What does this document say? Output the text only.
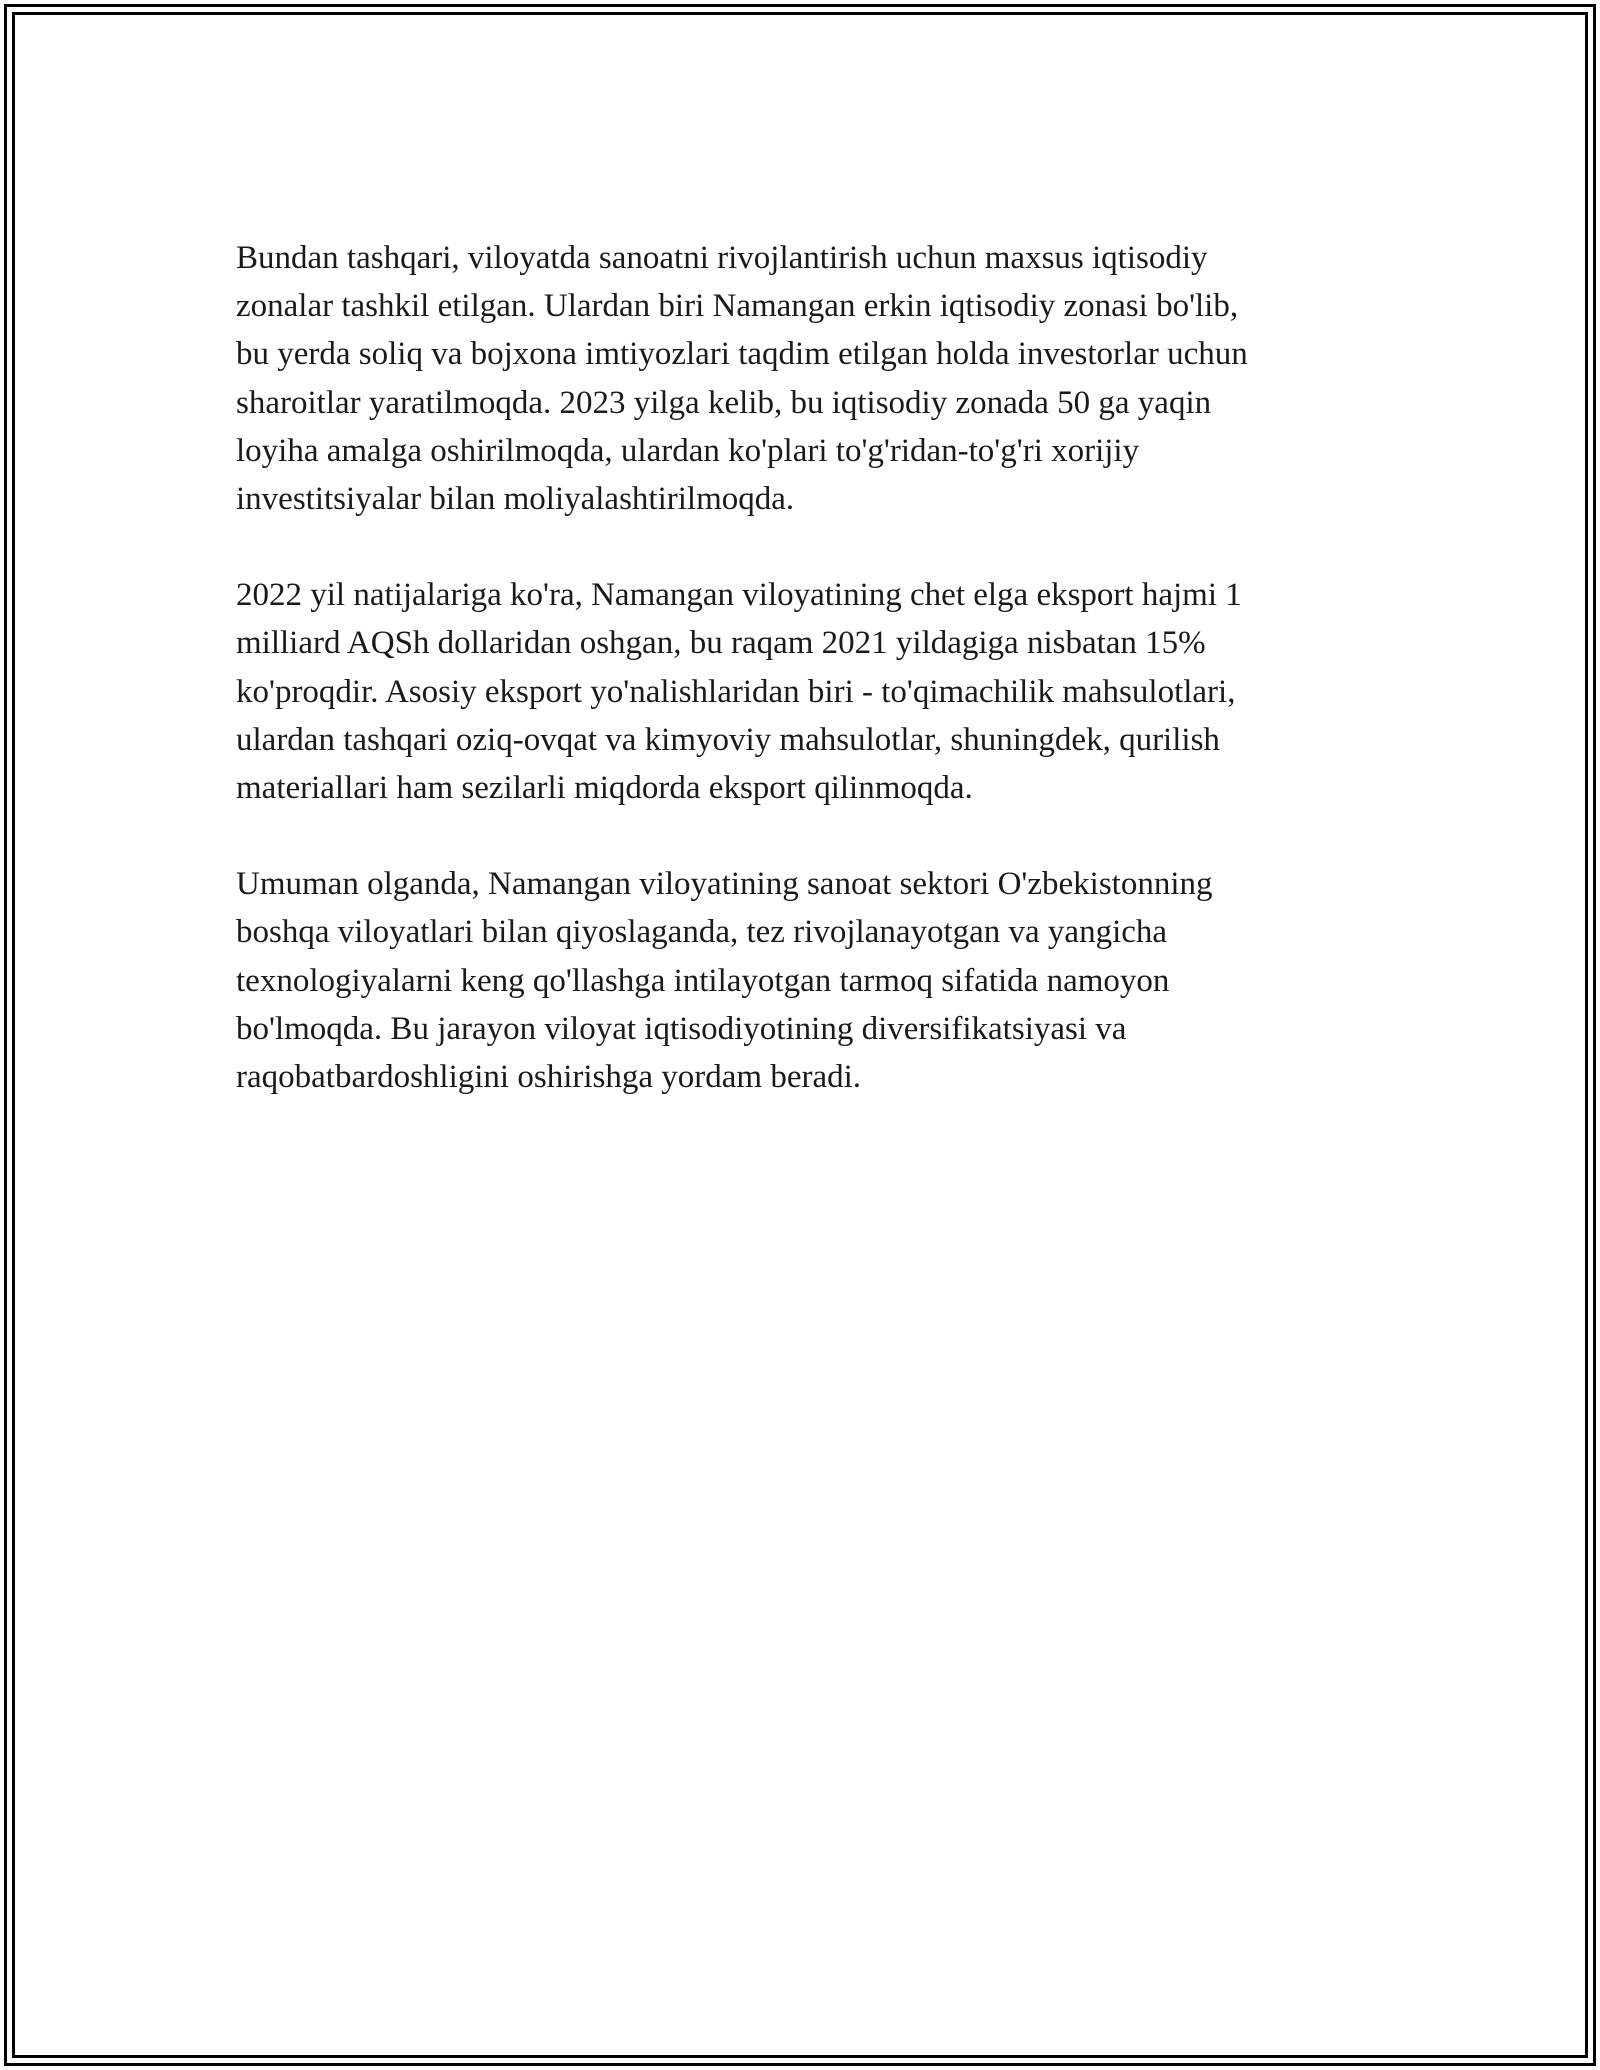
Bundan tashqari, viloyatda sanoatni rivojlantirish uchun maxsus iqtisodiy
zonalar tashkil etilgan. Ulardan biri Namangan erkin iqtisodiy zonasi bo'lib,
bu yerda soliq va bojxona imtiyozlari taqdim etilgan holda investorlar uchun
sharoitlar yaratilmoqda. 2023 yilga kelib, bu iqtisodiy zonada 50 ga yaqin
loyiha amalga oshirilmoqda, ulardan ko'plari to'g'ridan-to'g'ri xorijiy
investitsiyalar bilan moliyalashtirilmoqda.

2022 yil natijalariga ko'ra, Namangan viloyatining chet elga eksport hajmi 1
milliard AQSh dollaridan oshgan, bu raqam 2021 yildagiga nisbatan 15%
ko'proqdir. Asosiy eksport yo'nalishlaridan biri - to'qimachilik mahsulotlari,
ulardan tashqari oziq-ovqat va kimyoviy mahsulotlar, shuningdek, qurilish
materiallari ham sezilarli miqdorda eksport qilinmoqda.

Umuman olganda, Namangan viloyatining sanoat sektori O'zbekistonning
boshqa viloyatlari bilan qiyoslaganda, tez rivojlanayotgan va yangicha
texnologiyalarni keng qo'llashga intilayotgan tarmoq sifatida namoyon
bo'lmoqda. Bu jarayon viloyat iqtisodiyotining diversifikatsiyasi va
raqobatbardoshligini oshirishga yordam beradi.
